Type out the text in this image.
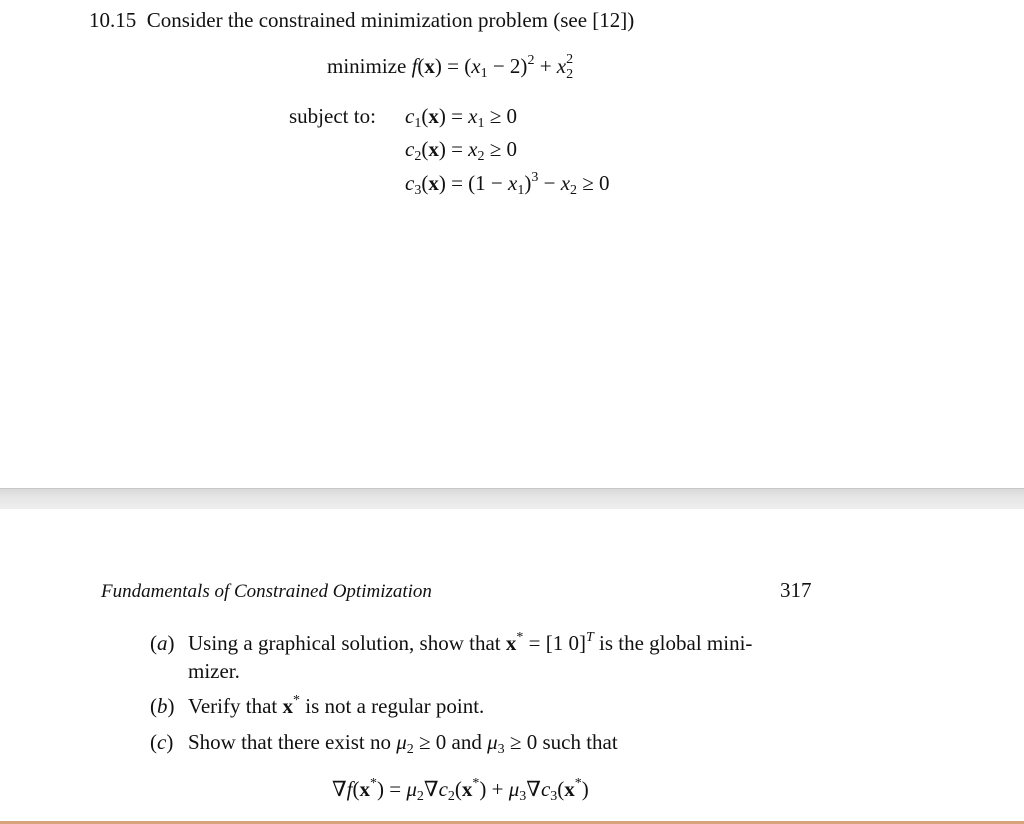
10.15 Consider the constrained minimization problem (see [12])
minimize $f(x) = (x_1 - 2)^2 + x_2^2$
subject to: $c_1(x) = x_1 \ge 0$
$c_2(x) = x_2 \ge 0$
$c_3(x) = (1 - x_1)^3 - x_2 \ge 0$
Fundamentals of Constrained Optimization	317
(a) Using a graphical solution, show that x* = [1 0]$^T$ is the global mini-
mizer.
(b) Verify that x* is not a regular point.
(c) Show that there exist no $\mu_2 \ge 0$ and $\mu_3 \ge 0$ such that
$\nabla f(x^*) = \mu_2\nabla c_2(x^*) + \mu_3\nabla c_3(x^*)$
